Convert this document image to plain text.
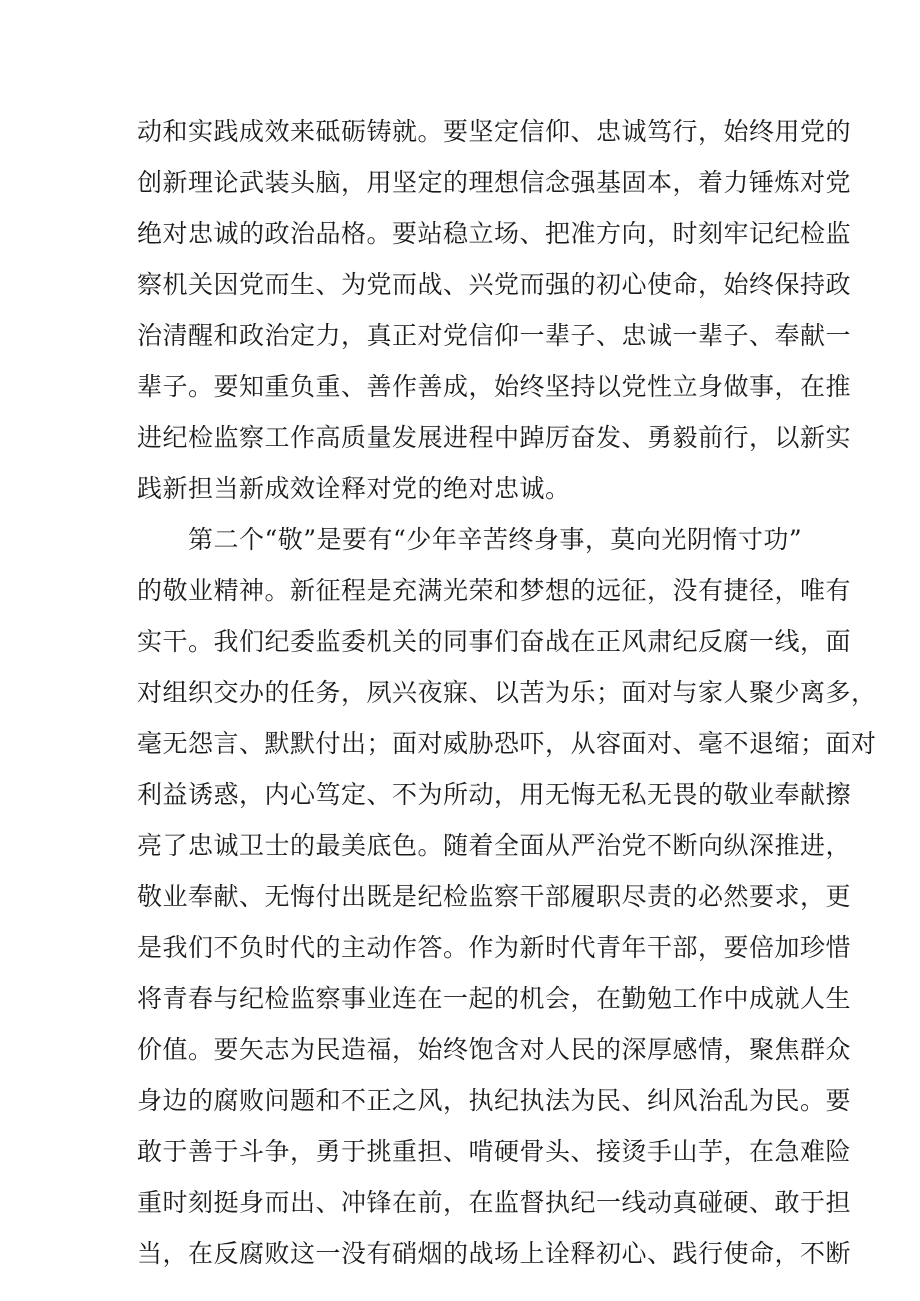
动和实践成效来砥砺铸就。要坚定信仰、忠诚笃行，始终用党的
创新理论武装头脑，用坚定的理想信念强基固本，着力锤炼对党
绝对忠诚的政治品格。要站稳立场、把准方向，时刻牢记纪检监
察机关因党而生、为党而战、兴党而强的初心使命，始终保持政
治清醒和政治定力，真正对党信仰一辈子、忠诚一辈子、奉献一
辈子。要知重负重、善作善成，始终坚持以党性立身做事，在推
进纪检监察工作高质量发展进程中踔厉奋发、勇毅前行，以新实
践新担当新成效诠释对党的绝对忠诚。
第二个“敬”是要有“少年辛苦终身事，莫向光阴惰寸功”
的敬业精神。新征程是充满光荣和梦想的远征，没有捷径，唯有
实干。我们纪委监委机关的同事们奋战在正风肃纪反腐一线，面
对组织交办的任务，夙兴夜寐、以苦为乐；面对与家人聚少离多，
毫无怨言、默默付出；面对威胁恐吓，从容面对、毫不退缩；面对
利益诱惑，内心笃定、不为所动，用无悔无私无畏的敬业奉献擦
亮了忠诚卫士的最美底色。随着全面从严治党不断向纵深推进，
敬业奉献、无悔付出既是纪检监察干部履职尽责的必然要求，更
是我们不负时代的主动作答。作为新时代青年干部，要倍加珍惜
将青春与纪检监察事业连在一起的机会，在勤勉工作中成就人生
价值。要矢志为民造福，始终饱含对人民的深厚感情，聚焦群众
身边的腐败问题和不正之风，执纪执法为民、纠风治乱为民。要
敢于善于斗争，勇于挑重担、啃硬骨头、接烫手山芋，在急难险
重时刻挺身而出、冲锋在前，在监督执纪一线动真碰硬、敢于担
当，在反腐败这一没有硝烟的战场上诠释初心、践行使命，不断
